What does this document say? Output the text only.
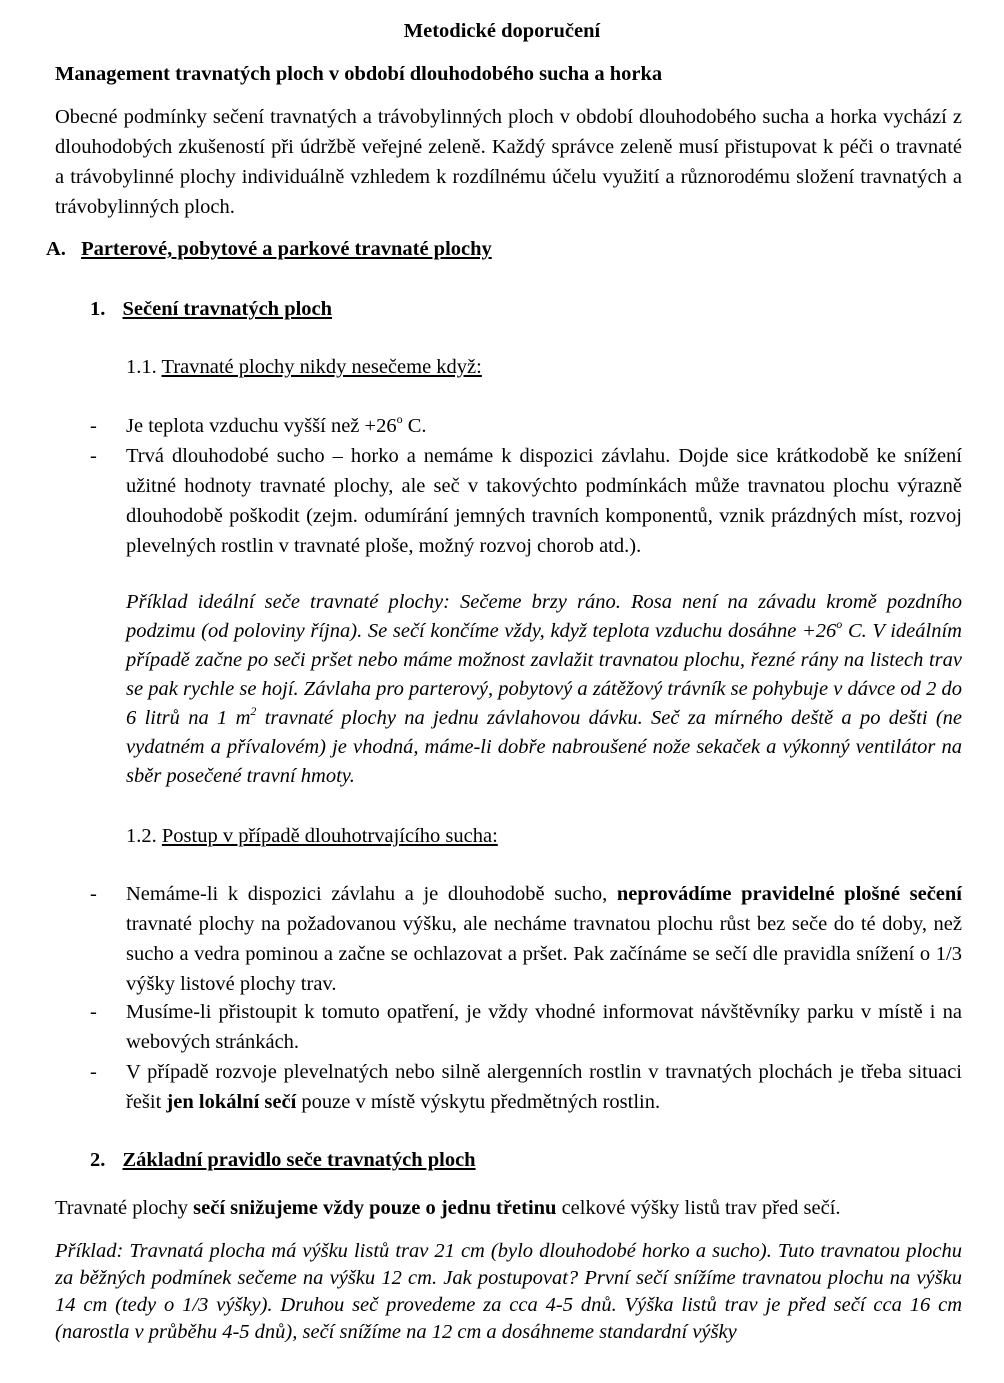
Metodické doporučení
Management travnatých ploch v období dlouhodobého sucha a horka

Obecné podmínky sečení travnatých a trávobylinných ploch v období dlouhodobého sucha a horka vychází z dlouhodobých zkušeností při údržbě veřejné zeleně. Každý správce zeleně musí přistupovat k péči o travnaté a trávobylinné plochy individuálně vzhledem k rozdílnému účelu využití a různorodému složení travnatých a trávobylinných ploch.

A. Parterové, pobytové a parkové travnaté plochy
1. Sečení travnatých ploch
1.1. Travnaté plochy nikdy nesečeme když:
- Je teplota vzduchu vyšší než $+26^o$ C.
- Trvá dlouhodobé sucho – horko a nemáme k dispozici závlahu. Dojde sice krátkodobě ke snížení užitné hodnoty travnaté plochy, ale seč v takovýchto podmínkách může travnatou plochu výrazně dlouhodobě poškodit (zejm. odumírání jemných travních komponentů, vznik prázdných míst, rozvoj plevelných rostlin v travnaté ploše, možný rozvoj chorob atd.).

Příklad ideální seče travnaté plochy: Sečeme brzy ráno. Rosa není na závadu kromě pozdního podzimu (od poloviny října). Se sečí končíme vždy, když teplota vzduchu dosáhne $+26^o$ C. V ideálním případě začne po seči pršet nebo máme možnost zavlažit travnatou plochu, řezné rány na listech trav se pak rychle se hojí. Závlaha pro parterový, pobytový a zátěžový trávník se pohybuje v dávce od 2 do 6 litrů na 1 $m^2$ travnaté plochy na jednu závlahovou dávku. Seč za mírného deště a po dešti (ne vydatném a přívalovém) je vhodná, máme-li dobře nabroušené nože sekaček a výkonný ventilátor na sběr posečené travní hmoty.

1.2. Postup v případě dlouhotrvajícího sucha:
- Nemáme-li k dispozici závlahu a je dlouhodobě sucho, neprovádíme pravidelné plošné sečení travnaté plochy na požadovanou výšku, ale necháme travnatou plochu růst bez seče do té doby, než sucho a vedra pominou a začne se ochlazovat a pršet. Pak začínáme se sečí dle pravidla snížení o 1/3 výšky listové plochy trav.
- Musíme-li přistoupit k tomuto opatření, je vždy vhodné informovat návštěvníky parku v místě i na webových stránkách.
- V případě rozvoje plevelnatých nebo silně alergenních rostlin v travnatých plochách je třeba situaci řešit jen lokální sečí pouze v místě výskytu předmětných rostlin.
2. Základní pravidlo seče travnatých ploch

Travnaté plochy sečí snižujeme vždy pouze o jednu třetinu celkové výšky listů trav před sečí.

Příklad: Travnatá plocha má výšku listů trav 21 cm (bylo dlouhodobé horko a sucho). Tuto travnatou plochu za běžných podmínek sečeme na výšku 12 cm. Jak postupovat? První sečí snížíme travnatou plochu na výšku 14 cm (tedy o 1/3 výšky). Druhou seč provedeme za cca 4-5 dnů. Výška listů trav je před sečí cca 16 cm (narostla v průběhu 4-5 dnů), sečí snížíme na 12 cm a dosáhneme standardní výšky
